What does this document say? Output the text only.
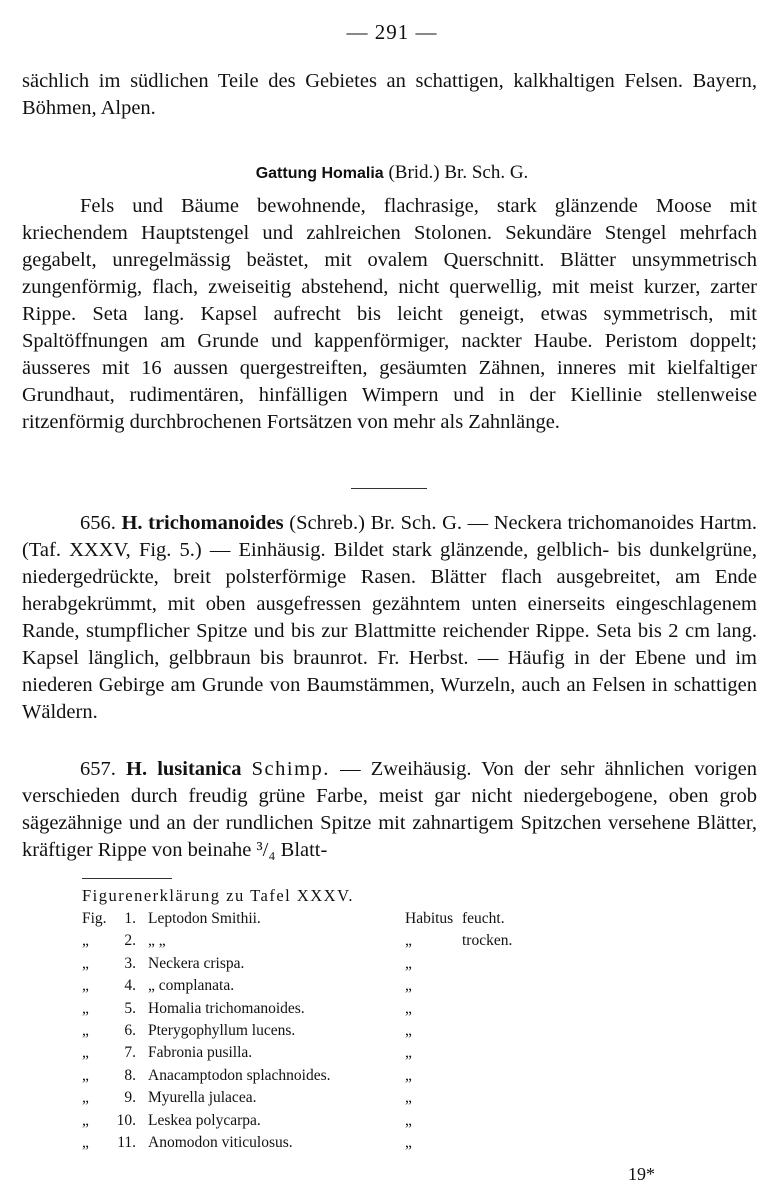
— 291 —
sächlich im südlichen Teile des Gebietes an schattigen, kalkhaltigen Felsen. Bayern, Böhmen, Alpen.
Gattung Homalia (Brid.) Br. Sch. G.
Fels und Bäume bewohnende, flachrasige, stark glänzende Moose mit kriechendem Hauptstengel und zahlreichen Stolonen. Sekundäre Stengel mehrfach gegabelt, unregelmässig beästet, mit ovalem Querschnitt. Blätter unsymmetrisch zungenförmig, flach, zweiseitig abstehend, nicht querwellig, mit meist kurzer, zarter Rippe. Seta lang. Kapsel aufrecht bis leicht geneigt, etwas symmetrisch, mit Spaltöffnungen am Grunde und kappenförmiger, nackter Haube. Peristom doppelt; äusseres mit 16 aussen quergestreiften, gesäumten Zähnen, inneres mit kielfaltiger Grundhaut, rudimentären, hinfälligen Wimpern und in der Kiellinie stellenweise ritzenförmig durchbrochenen Fortsätzen von mehr als Zahnlänge.
656. H. trichomanoides (Schreb.) Br. Sch. G. — Neckera trichomanoides Hartm. (Taf. XXXV, Fig. 5.) — Einhäusig. Bildet stark glänzende, gelblich- bis dunkelgrüne, niedergedrückte, breit polsterförmige Rasen. Blätter flach ausgebreitet, am Ende herabgekrümmt, mit oben ausgefressen gezähntem unten einerseits eingeschlagenem Rande, stumpflicher Spitze und bis zur Blattmitte reichender Rippe. Seta bis 2 cm lang. Kapsel länglich, gelbbraun bis braunrot. Fr. Herbst. — Häufig in der Ebene und im niederen Gebirge am Grunde von Baumstämmen, Wurzeln, auch an Felsen in schattigen Wäldern.
657. H. lusitanica Schimp. — Zweihäusig. Von der sehr ähnlichen vorigen verschieden durch freudig grüne Farbe, meist gar nicht niedergebogene, oben grob sägezähnige und an der rundlichen Spitze mit zahnartigem Spitzchen versehene Blätter, kräftiger Rippe von beinahe ³/₄ Blatt-
Figurenerklärung zu Tafel XXXV.
Fig.	1. Leptodon Smithii.	Habitus feucht.
„	2. „ „	„	trocken.
„	3. Neckera crispa.	„
„	4. „ complanata.	„
„	5. Homalia trichomanoides.	„
„	6. Pterygophyllum lucens.	„
„	7. Fabronia pusilla.	„
„	8. Anacamptodon splachnoides.	„
„	9. Myurella julacea.	„
„	10. Leskea polycarpa.	„
„	11. Anomodon viticulosus.	„
19*
